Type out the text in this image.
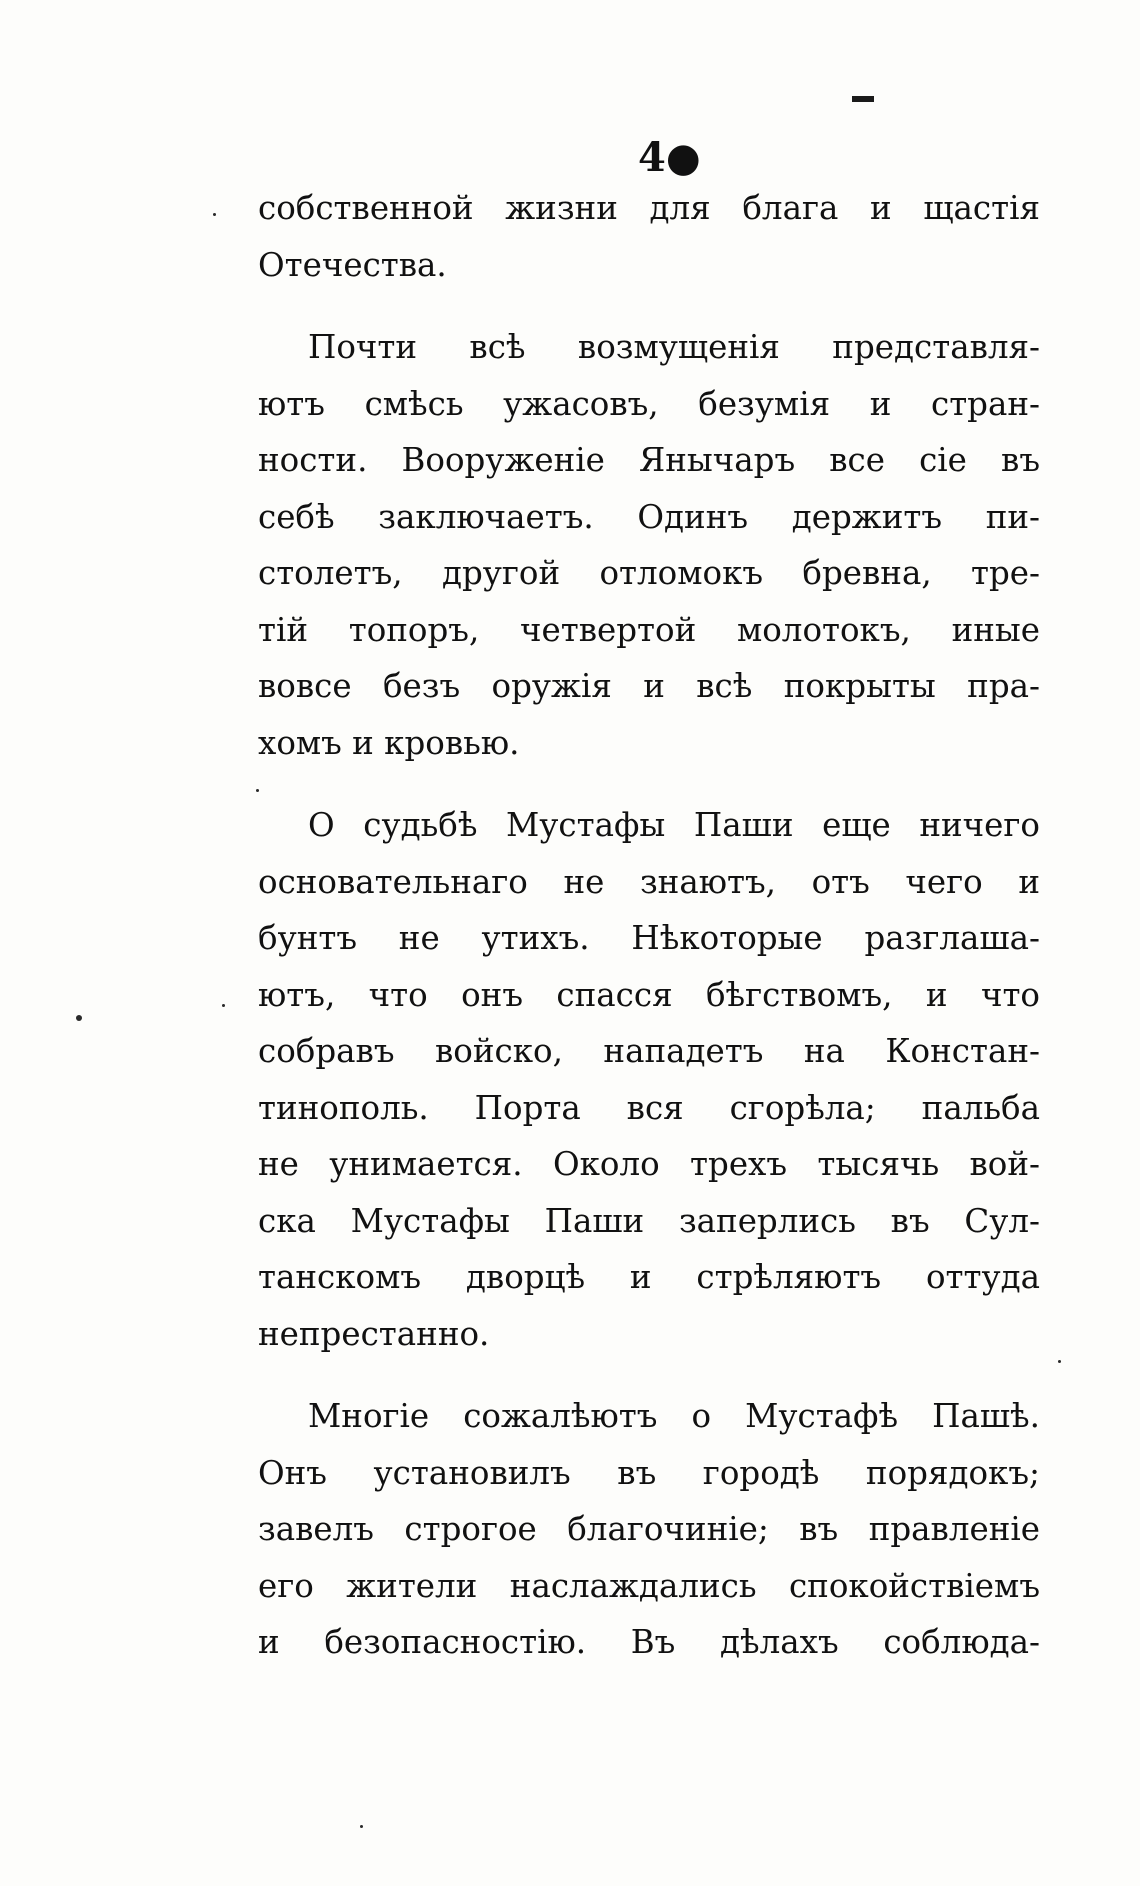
4●
собственной жизни для блага и щастія
Отечества.
Почти всѣ возмущенія представля-
ютъ смѣсь ужасовъ, безумія и стран-
ности. Вооруженіе Янычаръ все сіе въ
себѣ заключаетъ. Одинъ держитъ пи-
столетъ, другой отломокъ бревна, тре-
тій топоръ, четвертой молотокъ, иные
вовсе безъ оружія и всѣ покрыты пра-
хомъ и кровью.
О судьбѣ Мустафы Паши еще ничего
основательнаго не знаютъ, отъ чего и
бунтъ не утихъ. Нѣкоторые разглаша-
ютъ, что онъ спасся бѣгствомъ, и что
собравъ войско, нападетъ на Констан-
тинополь. Порта вся сгорѣла; пальба
не унимается. Около трехъ тысячь вой-
ска Мустафы Паши заперлись въ Сул-
танскомъ дворцѣ и стрѣляютъ оттуда
непрестанно.
Многіе сожалѣютъ о Мустафѣ Пашѣ.
Онъ установилъ въ городѣ порядокъ;
завелъ строгое благочиніе; въ правленіе
его жители наслаждались спокойствіемъ
и безопасностію. Въ дѣлахъ соблюда-
